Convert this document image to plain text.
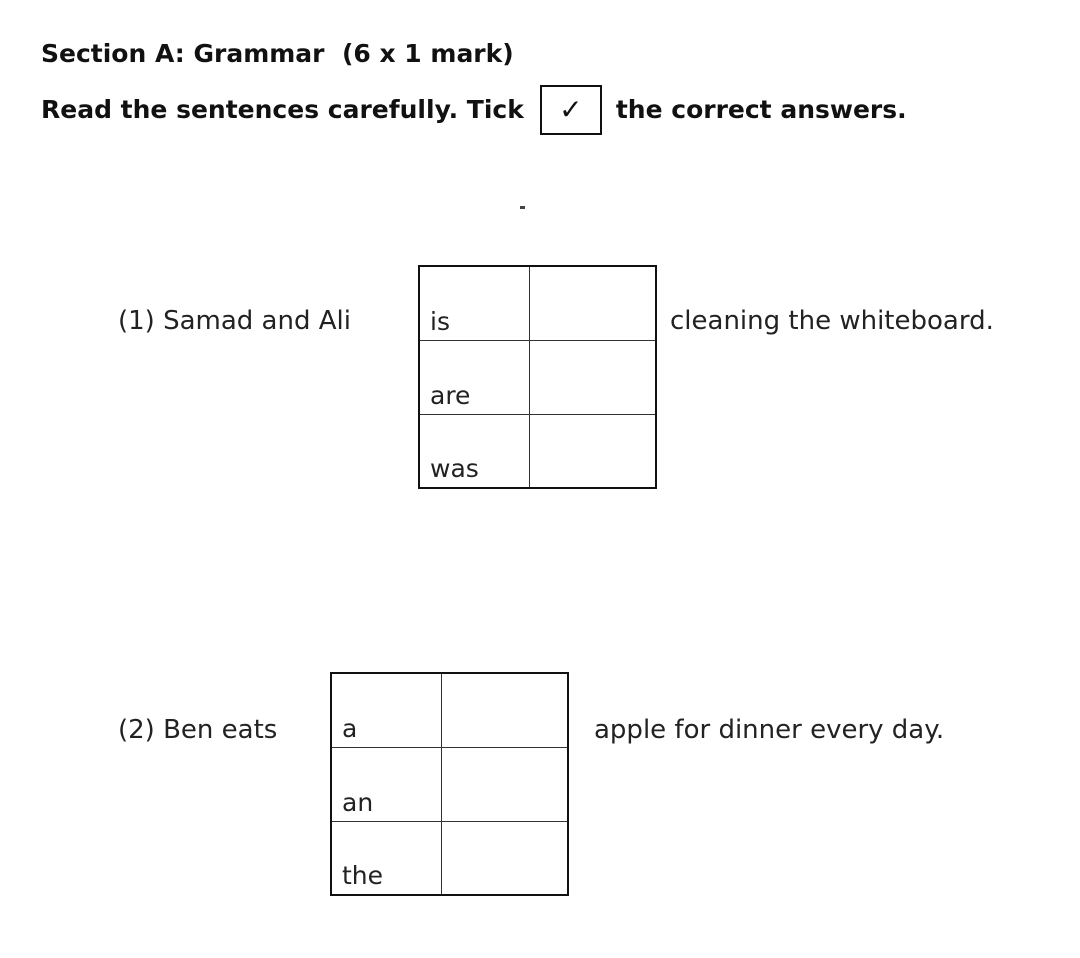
Section A: Grammar (6 x 1 mark)
Read the sentences carefully. Tick	✓	the correct answers.
(1) Samad and Ali	is	
are	
was	
cleaning the whiteboard.
(2) Ben eats	a	
an	
the	
apple for dinner every day.
